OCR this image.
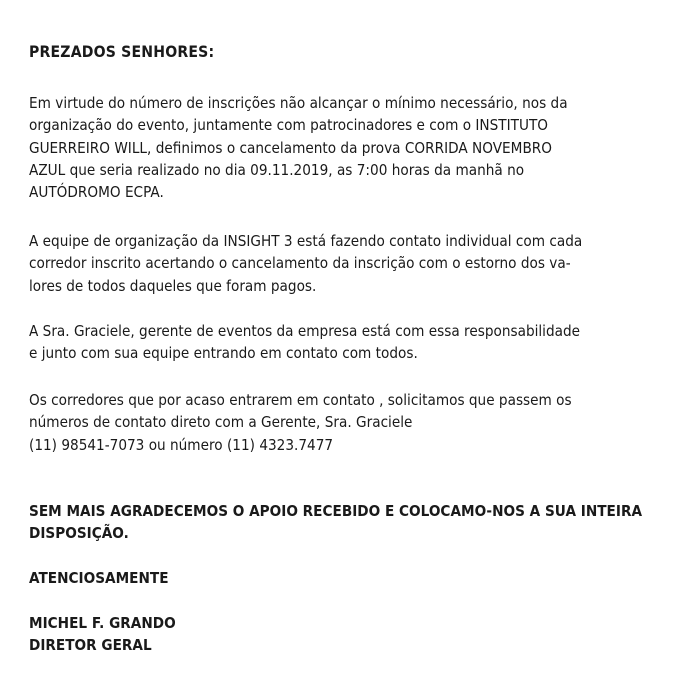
PREZADOS SENHORES:

Em virtude do número de inscrições não alcançar o mínimo necessário, nos da
organização do evento, juntamente com patrocinadores e com o INSTITUTO
GUERREIRO WILL, definimos o cancelamento da prova CORRIDA NOVEMBRO
AZUL que seria realizado no dia 09.11.2019, as 7:00 horas da manhã no
AUTÓDROMO ECPA.

A equipe de organização da INSIGHT 3 está fazendo contato individual com cada
corredor inscrito acertando o cancelamento da inscrição com o estorno dos va-
lores de todos daqueles que foram pagos.

A Sra. Graciele, gerente de eventos da empresa está com essa responsabilidade
e junto com sua equipe entrando em contato com todos.

Os corredores que por acaso entrarem em contato , solicitamos que passem os
números de contato direto com a Gerente, Sra. Graciele
(11) 98541-7073 ou número (11) 4323.7477

SEM MAIS AGRADECEMOS O APOIO RECEBIDO E COLOCAMO-NOS A SUA INTEIRA
DISPOSIÇÃO.

ATENCIOSAMENTE

MICHEL F. GRANDO
DIRETOR GERAL
